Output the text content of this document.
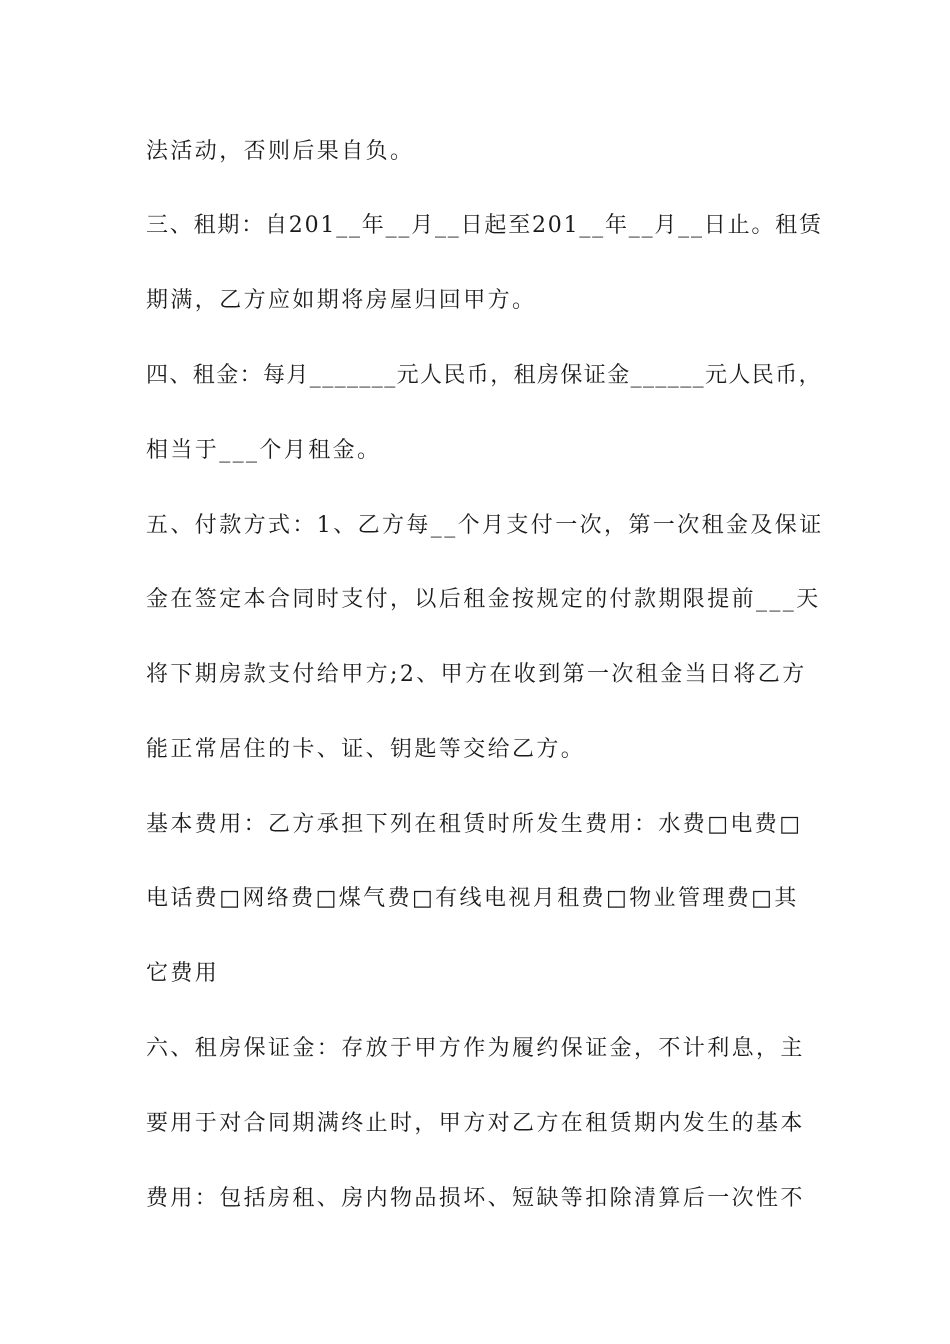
法活动，否则后果自负。
三、租期：自201__年__月__日起至201__年__月__日止。租赁
期满，乙方应如期将房屋归回甲方。
四、租金：每月_______元人民币，租房保证金______元人民币，
相当于___个月租金。
五、付款方式：1、乙方每__个月支付一次，第一次租金及保证
金在签定本合同时支付，以后租金按规定的付款期限提前___天
将下期房款支付给甲方;2、甲方在收到第一次租金当日将乙方
能正常居住的卡、证、钥匙等交给乙方。
基本费用：乙方承担下列在租赁时所发生费用：水费□电费□
电话费□网络费□煤气费□有线电视月租费□物业管理费□其
它费用
六、租房保证金：存放于甲方作为履约保证金，不计利息，主
要用于对合同期满终止时，甲方对乙方在租赁期内发生的基本
费用：包括房租、房内物品损坏、短缺等扣除清算后一次性不
